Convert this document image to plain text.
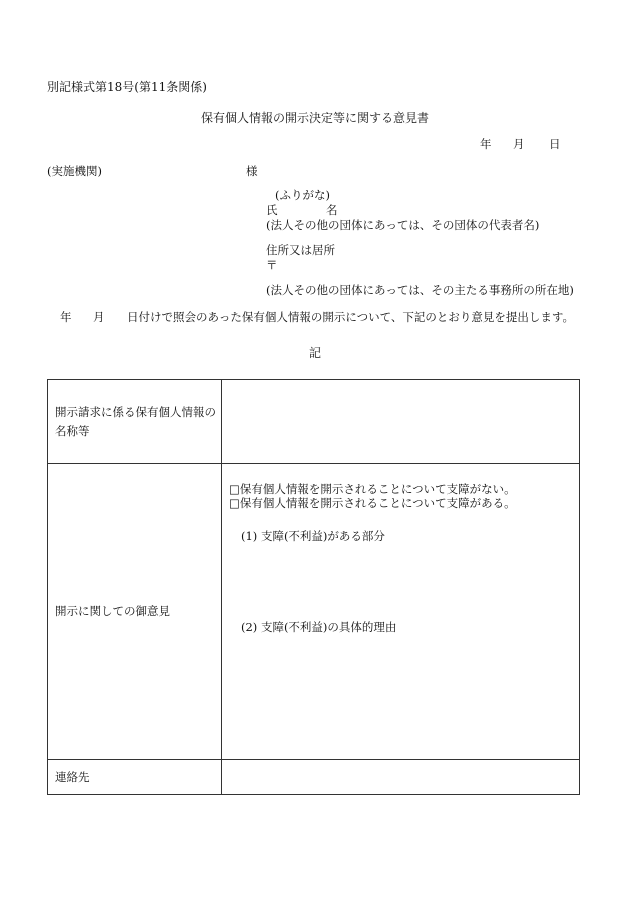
別記様式第18号(第11条関係)
保有個人情報の開示決定等に関する意見書
年 月 日
(実施機関)	様
(ふりがな)
氏	名
(法人その他の団体にあっては、その団体の代表者名)
住所又は居所
〒
(法人その他の団体にあっては、その主たる事務所の所在地)
年 月 日付けで照会のあった保有個人情報の開示について、下記のとおり意見を提出します。
記
開示請求に係る保有個人情報の名称等	
開示に関しての御意見	□保有個人情報を開示されることについて支障がない。
□保有個人情報を開示されることについて支障がある。
(1) 支障(不利益)がある部分
(2) 支障(不利益)の具体的理由

連絡先	
